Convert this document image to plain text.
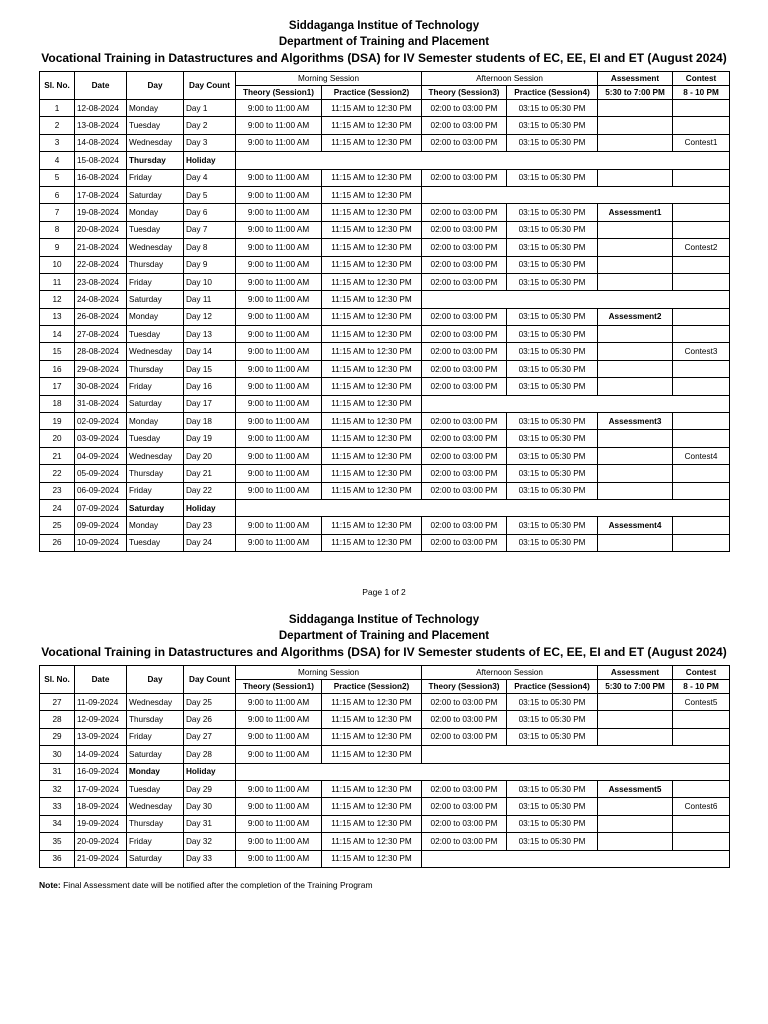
Siddaganga Institue of Technology
Department of Training and Placement
Vocational Training in Datastructures and Algorithms (DSA) for IV Semester students of EC, EE, EI and ET (August 2024)
Sl. No.	Date	Day	Day Count	Morning Session		Afternoon Session		Assessment	Contest
				Theory (Session1)	Practice (Session2)	Theory (Session3)	Practice (Session4)	5:30 to 7:00 PM	8 - 10 PM
1	12-08-2024	Monday	Day 1	9:00 to 11:00 AM	11:15 AM to 12:30 PM	02:00 to 03:00 PM	03:15 to 05:30 PM		
2	13-08-2024	Tuesday	Day 2	9:00 to 11:00 AM	11:15 AM to 12:30 PM	02:00 to 03:00 PM	03:15 to 05:30 PM		
3	14-08-2024	Wednesday	Day 3	9:00 to 11:00 AM	11:15 AM to 12:30 PM	02:00 to 03:00 PM	03:15 to 05:30 PM		Contest1
4	15-08-2024	Thursday	Holiday						
5	16-08-2024	Friday	Day 4	9:00 to 11:00 AM	11:15 AM to 12:30 PM	02:00 to 03:00 PM	03:15 to 05:30 PM		
6	17-08-2024	Saturday	Day 5	9:00 to 11:00 AM	11:15 AM to 12:30 PM				
7	19-08-2024	Monday	Day 6	9:00 to 11:00 AM	11:15 AM to 12:30 PM	02:00 to 03:00 PM	03:15 to 05:30 PM	Assessment1	
8	20-08-2024	Tuesday	Day 7	9:00 to 11:00 AM	11:15 AM to 12:30 PM	02:00 to 03:00 PM	03:15 to 05:30 PM		
9	21-08-2024	Wednesday	Day 8	9:00 to 11:00 AM	11:15 AM to 12:30 PM	02:00 to 03:00 PM	03:15 to 05:30 PM		Contest2
10	22-08-2024	Thursday	Day 9	9:00 to 11:00 AM	11:15 AM to 12:30 PM	02:00 to 03:00 PM	03:15 to 05:30 PM		
11	23-08-2024	Friday	Day 10	9:00 to 11:00 AM	11:15 AM to 12:30 PM	02:00 to 03:00 PM	03:15 to 05:30 PM		
12	24-08-2024	Saturday	Day 11	9:00 to 11:00 AM	11:15 AM to 12:30 PM				
13	26-08-2024	Monday	Day 12	9:00 to 11:00 AM	11:15 AM to 12:30 PM	02:00 to 03:00 PM	03:15 to 05:30 PM	Assessment2	
14	27-08-2024	Tuesday	Day 13	9:00 to 11:00 AM	11:15 AM to 12:30 PM	02:00 to 03:00 PM	03:15 to 05:30 PM		
15	28-08-2024	Wednesday	Day 14	9:00 to 11:00 AM	11:15 AM to 12:30 PM	02:00 to 03:00 PM	03:15 to 05:30 PM		Contest3
16	29-08-2024	Thursday	Day 15	9:00 to 11:00 AM	11:15 AM to 12:30 PM	02:00 to 03:00 PM	03:15 to 05:30 PM		
17	30-08-2024	Friday	Day 16	9:00 to 11:00 AM	11:15 AM to 12:30 PM	02:00 to 03:00 PM	03:15 to 05:30 PM		
18	31-08-2024	Saturday	Day 17	9:00 to 11:00 AM	11:15 AM to 12:30 PM				
19	02-09-2024	Monday	Day 18	9:00 to 11:00 AM	11:15 AM to 12:30 PM	02:00 to 03:00 PM	03:15 to 05:30 PM	Assessment3	
20	03-09-2024	Tuesday	Day 19	9:00 to 11:00 AM	11:15 AM to 12:30 PM	02:00 to 03:00 PM	03:15 to 05:30 PM		
21	04-09-2024	Wednesday	Day 20	9:00 to 11:00 AM	11:15 AM to 12:30 PM	02:00 to 03:00 PM	03:15 to 05:30 PM		Contest4
22	05-09-2024	Thursday	Day 21	9:00 to 11:00 AM	11:15 AM to 12:30 PM	02:00 to 03:00 PM	03:15 to 05:30 PM		
23	06-09-2024	Friday	Day 22	9:00 to 11:00 AM	11:15 AM to 12:30 PM	02:00 to 03:00 PM	03:15 to 05:30 PM		
24	07-09-2024	Saturday	Holiday						
25	09-09-2024	Monday	Day 23	9:00 to 11:00 AM	11:15 AM to 12:30 PM	02:00 to 03:00 PM	03:15 to 05:30 PM	Assessment4	
26	10-09-2024	Tuesday	Day 24	9:00 to 11:00 AM	11:15 AM to 12:30 PM	02:00 to 03:00 PM	03:15 to 05:30 PM		
Page 1 of 2
Siddaganga Institue of Technology
Department of Training and Placement
Vocational Training in Datastructures and Algorithms (DSA) for IV Semester students of EC, EE, EI and ET (August 2024)
Sl. No.	Date	Day	Day Count	Morning Session		Afternoon Session		Assessment	Contest
				Theory (Session1)	Practice (Session2)	Theory (Session3)	Practice (Session4)	5:30 to 7:00 PM	8 - 10 PM
27	11-09-2024	Wednesday	Day 25	9:00 to 11:00 AM	11:15 AM to 12:30 PM	02:00 to 03:00 PM	03:15 to 05:30 PM		Contest5
28	12-09-2024	Thursday	Day 26	9:00 to 11:00 AM	11:15 AM to 12:30 PM	02:00 to 03:00 PM	03:15 to 05:30 PM		
29	13-09-2024	Friday	Day 27	9:00 to 11:00 AM	11:15 AM to 12:30 PM	02:00 to 03:00 PM	03:15 to 05:30 PM		
30	14-09-2024	Saturday	Day 28	9:00 to 11:00 AM	11:15 AM to 12:30 PM				
31	16-09-2024	Monday	Holiday						
32	17-09-2024	Tuesday	Day 29	9:00 to 11:00 AM	11:15 AM to 12:30 PM	02:00 to 03:00 PM	03:15 to 05:30 PM	Assessment5	
33	18-09-2024	Wednesday	Day 30	9:00 to 11:00 AM	11:15 AM to 12:30 PM	02:00 to 03:00 PM	03:15 to 05:30 PM		Contest6
34	19-09-2024	Thursday	Day 31	9:00 to 11:00 AM	11:15 AM to 12:30 PM	02:00 to 03:00 PM	03:15 to 05:30 PM		
35	20-09-2024	Friday	Day 32	9:00 to 11:00 AM	11:15 AM to 12:30 PM	02:00 to 03:00 PM	03:15 to 05:30 PM		
36	21-09-2024	Saturday	Day 33	9:00 to 11:00 AM	11:15 AM to 12:30 PM				
Note: Final Assessment date will be notified after the completion of the Training Program
